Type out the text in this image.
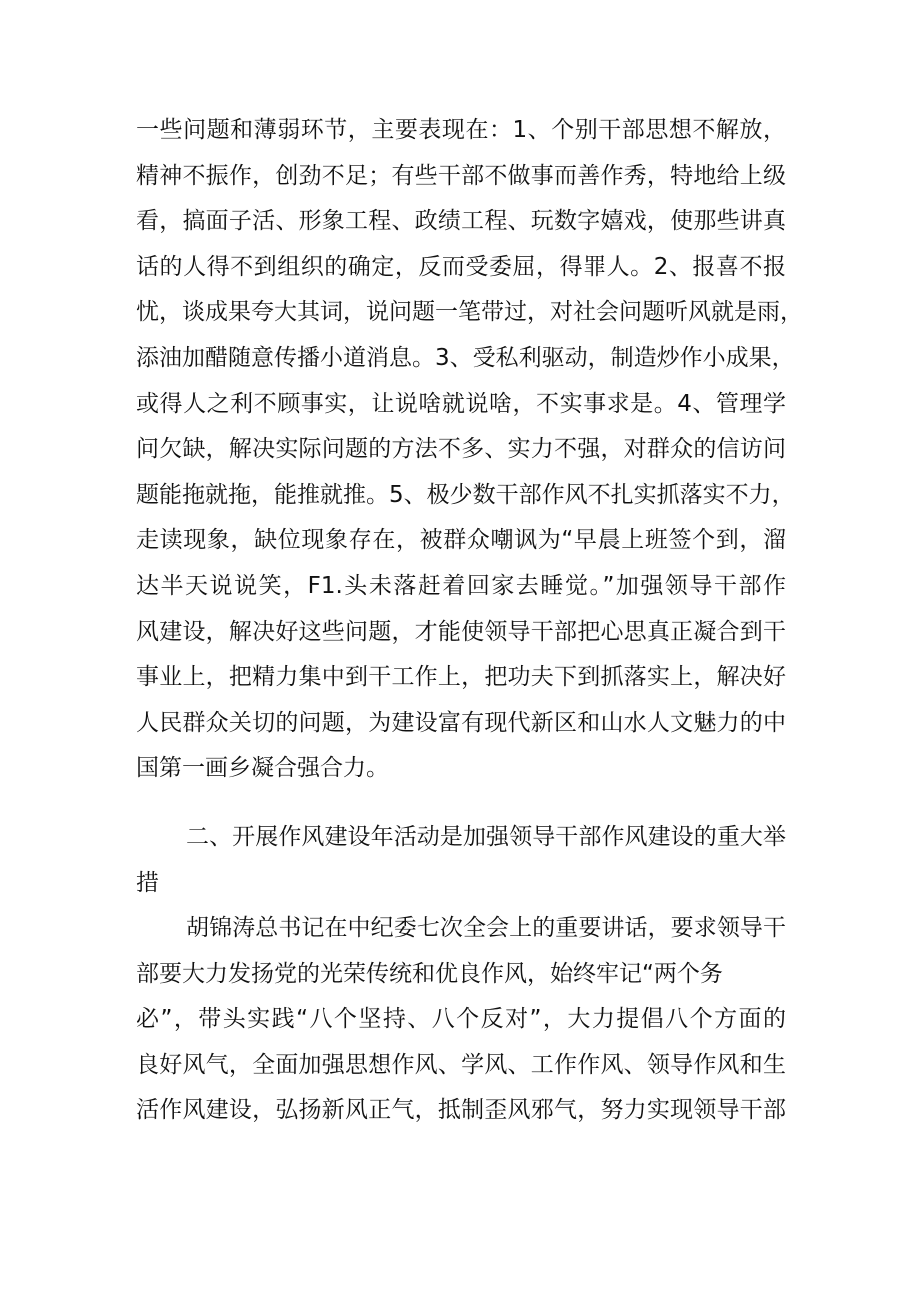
一些问题和薄弱环节，主要表现在：1、个别干部思想不解放，
精神不振作，创劲不足；有些干部不做事而善作秀，特地给上级
看，搞面子活、形象工程、政绩工程、玩数字嬉戏，使那些讲真
话的人得不到组织的确定，反而受委屈，得罪人。2、报喜不报
忧，谈成果夸大其词，说问题一笔带过，对社会问题听风就是雨，
添油加醋随意传播小道消息。3、受私利驱动，制造炒作小成果，
或得人之利不顾事实，让说啥就说啥，不实事求是。4、管理学
问欠缺，解决实际问题的方法不多、实力不强，对群众的信访问
题能拖就拖，能推就推。5、极少数干部作风不扎实抓落实不力，
走读现象，缺位现象存在，被群众嘲讽为“早晨上班签个到，溜
达半天说说笑，F1.头未落赶着回家去睡觉。”加强领导干部作
风建设，解决好这些问题，才能使领导干部把心思真正凝合到干
事业上，把精力集中到干工作上，把功夫下到抓落实上，解决好
人民群众关切的问题，为建设富有现代新区和山水人文魅力的中
国第一画乡凝合强合力。
二、开展作风建设年活动是加强领导干部作风建设的重大举
措
胡锦涛总书记在中纪委七次全会上的重要讲话，要求领导干
部要大力发扬党的光荣传统和优良作风，始终牢记“两个务
必”，带头实践“八个坚持、八个反对”，大力提倡八个方面的
良好风气，全面加强思想作风、学风、工作作风、领导作风和生
活作风建设，弘扬新风正气，抵制歪风邪气，努力实现领导干部
